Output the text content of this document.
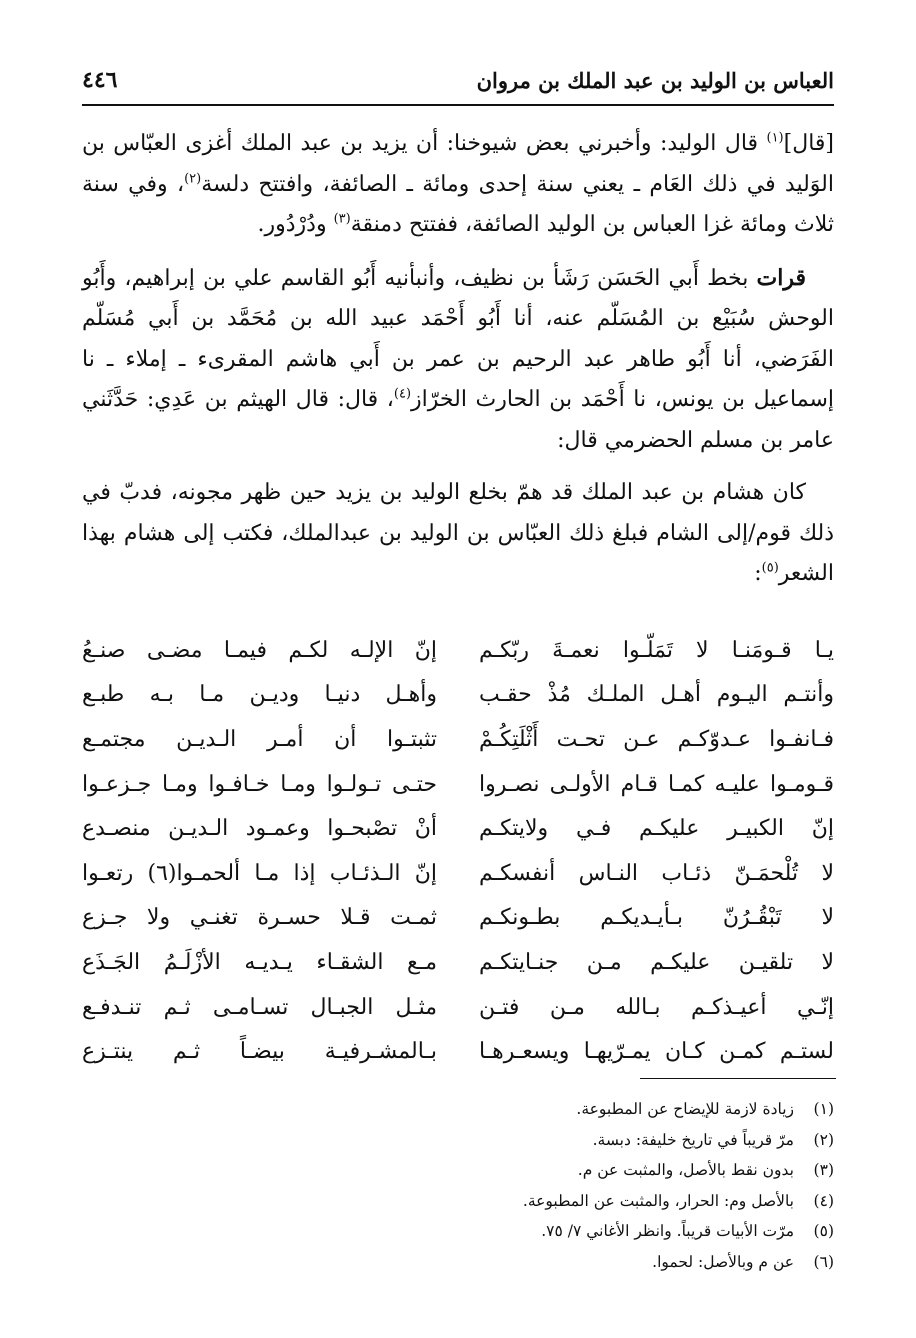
العباس بن الوليد بن عبد الملك بن مروان
٤٤٦

[قال]$^{(١)}$ قال الوليد: وأخبرني بعض شيوخنا: أن يزيد بن عبد الملك أغزى العبّاس بن الوَليد في ذلك العَام ـ يعني سنة إحدى ومائة ـ الصائفة، وافتتح دلسة$^{(٢)}$، وفي سنة ثلاث ومائة غزا العباس بن الوليد الصائفة، ففتتح دمنقة$^{(٣)}$ ودُرْدُور.

قرات بخط أَبي الحَسَن رَشَأ بن نظيف، وأنبأنيه أَبُو القاسم علي بن إبراهيم، وأَبُو الوحش سُبَيْع بن المُسَلّم عنه، أنا أَبُو أَحْمَد عبيد الله بن مُحَمَّد بن أَبي مُسَلّم الفَرَضي، أنا أَبُو طاهر عبد الرحيم بن عمر بن أَبي هاشم المقرىء ـ إملاء ـ نا إسماعيل بن يونس، نا أَحْمَد بن الحارث الخرّاز$^{(٤)}$، قال: قال الهيثم بن عَدِي: حَدَّثَني عامر بن مسلم الحضرمي قال:

كان هشام بن عبد الملك قد همّ بخلع الوليد بن يزيد حين ظهر مجونه، فدبّ في ذلك قوم/إلى الشام فبلغ ذلك العبّاس بن الوليد بن عبدالملك، فكتب إلى هشام بهذا الشعر$^{(٥)}$:

يـا قـومَنـا لا تَمَلّـوا نعمـةَ ربّكـم
إنّ الإلـه لكـم فيمـا مضـى صنـعُ
وأنتـم اليـوم أهـل الملـك مُذْ حقـب
وأهـل دنيـا وديـن مـا بـه طبـع
فـانفـوا عـدوّكـم عـن تحـت أَثْلَتِكُـمْ
تثبتـوا أن أمـر الـديـن مجتمـع
قـومـوا عليـه كمـا قـام الأولـى نصـروا
حتـى تـولـوا ومـا خـافـوا ومـا جـزعـوا
إنّ الكبيـر عليكـم فـي ولايتكـم
أنْ تصْبحـوا وعمـود الـديـن منصـدع
لا تُلْحمَـنّ ذئـاب النـاس أنفسكـم
إنّ الـذئـاب إذا مـا ألحمـوا(٦) رتعـوا
لا تَبْقُـرُنّ بـأيـديكـم بطـونكـم
ثمـت قـلا حسـرة تغنـي ولا جـزع
لا تلقيـن عليكـم مـن جنـايتكـم
مـع الشقـاء يـديـه الأزْلَـمُ الجَـذَع
إنّـي أعيـذكـم بـالله مـن فتـن
مثـل الجبـال تسـامـى ثـم تنـدفـع
لستـم كمـن كـان يمـرّيهـا ويسعـرهـا
بـالمشـرفيـة بيضـاً ثـم ينتـزع
(١)
زيادة لازمة للإيضاح عن المطبوعة.
(٢)
مرّ قريباً في تاريخ خليفة: دبسة.
(٣)
بدون نقط بالأصل، والمثبت عن م.
(٤)
بالأصل وم: الحرار، والمثبت عن المطبوعة.
(٥)
مرّت الأبيات قريباً. وانظر الأغاني ٧/ ٧٥.
(٦)
عن م وبالأصل: لحموا.
